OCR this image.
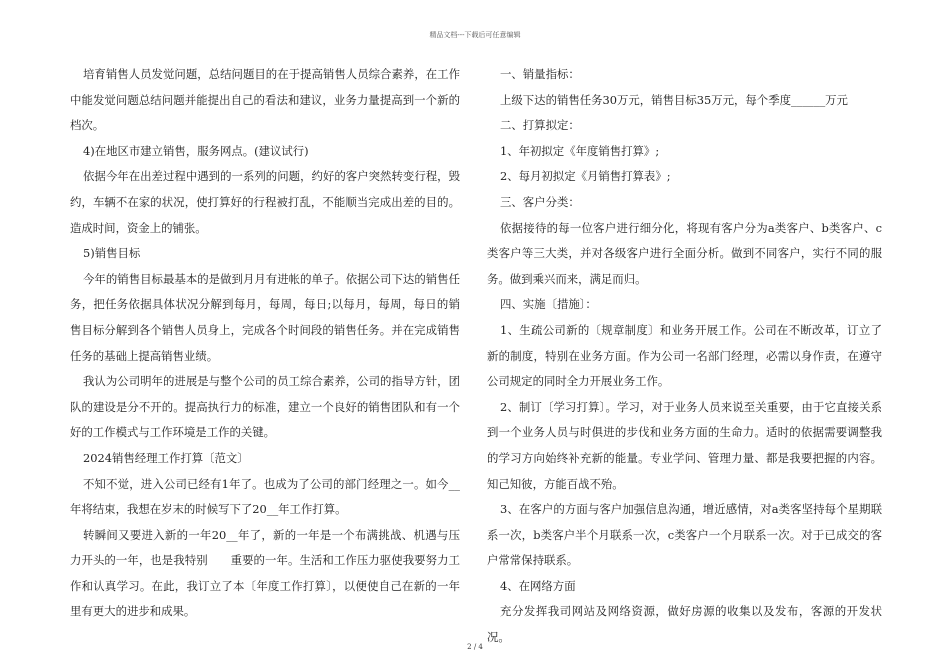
精品文档---下载后可任意编辑

培育销售人员发觉问题，总结问题目的在于提高销售人员综合素养，在工作中能发觉问题总结问题并能提出自己的看法和建议，业务力量提高到一个新的档次。

4)在地区市建立销售，服务网点。(建议试行)

依据今年在出差过程中遇到的一系列的问题，约好的客户突然转变行程，毁约，车辆不在家的状况，使打算好的行程被打乱，不能顺当完成出差的目的。造成时间，资金上的铺张。

5)销售目标

今年的销售目标最基本的是做到月月有进帐的单子。依据公司下达的销售任务，把任务依据具体状况分解到每月，每周，每日;以每月，每周，每日的销售目标分解到各个销售人员身上，完成各个时间段的销售任务。并在完成销售任务的基础上提高销售业绩。

我认为公司明年的进展是与整个公司的员工综合素养，公司的指导方针，团队的建设是分不开的。提高执行力的标准，建立一个良好的销售团队和有一个好的工作模式与工作环境是工作的关键。

2024销售经理工作打算〔范文〕

不知不觉，进入公司已经有1年了。也成为了公司的部门经理之一。如今__年将结束，我想在岁末的时候写下了20__年工作打算。

转瞬间又要进入新的一年20__年了，新的一年是一个布满挑战、机遇与压力开头的一年，也是我特别　　重要的一年。生活和工作压力驱使我要努力工作和认真学习。在此，我订立了本〔年度工作打算〕，以便使自己在新的一年里有更大的进步和成果。

一、销量指标：

上级下达的销售任务30万元，销售目标35万元，每个季度______万元

二、打算拟定：

1、年初拟定《年度销售打算》;

2、每月初拟定《月销售打算表》;

三、客户分类：

依据接待的每一位客户进行细分化，将现有客户分为a类客户、b类客户、c类客户等三大类，并对各级客户进行全面分析。做到不同客户，实行不同的服务。做到乘兴而来，满足而归。

四、实施〔措施〕：

1、生疏公司新的〔规章制度〕和业务开展工作。公司在不断改革，订立了新的制度，特别在业务方面。作为公司一名部门经理，必需以身作责，在遵守公司规定的同时全力开展业务工作。

2、制订〔学习打算〕。学习，对于业务人员来说至关重要，由于它直接关系到一个业务人员与时俱进的步伐和业务方面的生命力。适时的依据需要调整我的学习方向始终补充新的能量。专业学问、管理力量、都是我要把握的内容。知己知彼，方能百战不殆。

3、在客户的方面与客户加强信息沟通，增近感情，对a类客坚持每个星期联系一次，b类客户半个月联系一次，c类客户一个月联系一次。对于已成交的客户常常保持联系。

4、在网络方面

充分发挥我司网站及网络资源，做好房源的收集以及发布，客源的开发状况。

2 / 4
